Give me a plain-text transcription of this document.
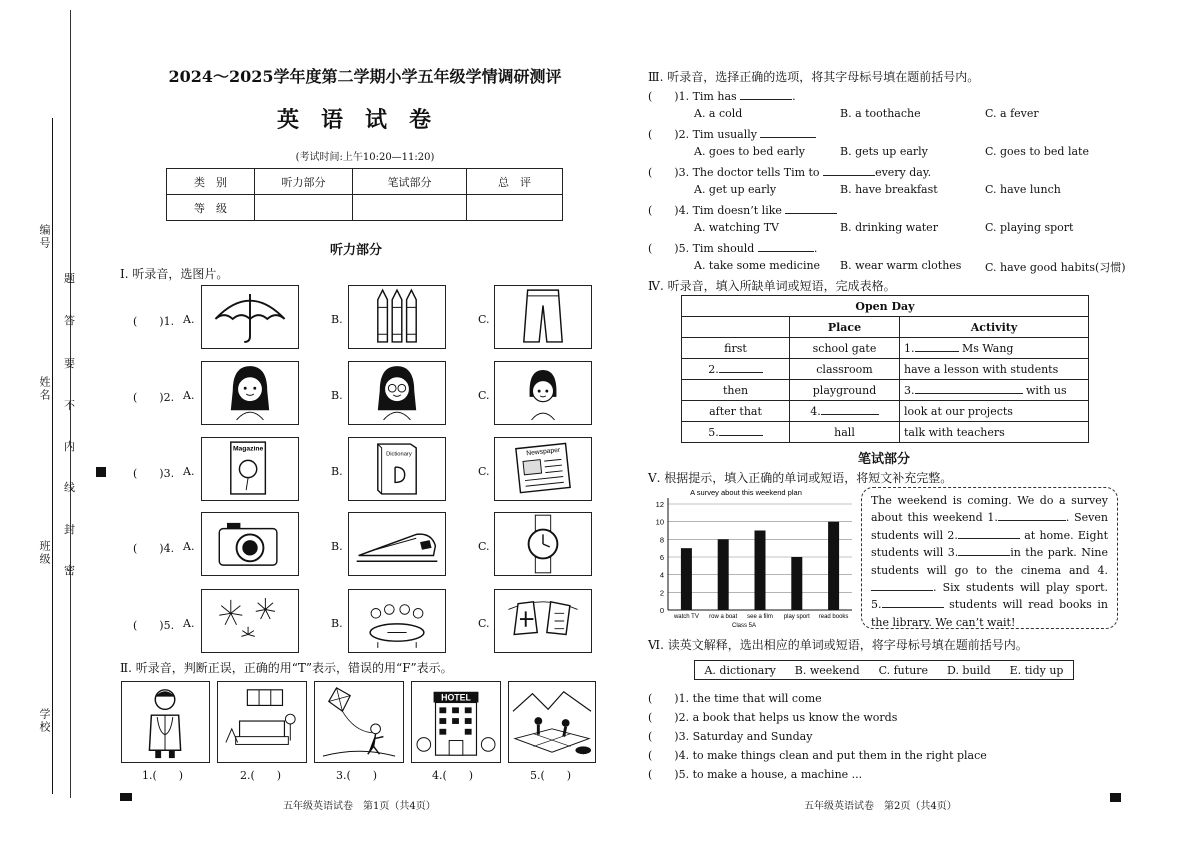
编号
姓名
班级
学校
题
答
要
不
内
线
封
密
2024～2025学年度第二学期小学五年级学情调研测评
英语试卷
(考试时间:上午10:20—11:20)
类　别	听力部分	笔试部分	总　评
等　级			
听力部分
Ⅰ. 听录音，选图片。
(　　)1. A.	B.	C.
(　　)2. A.	B.	C.
(　　)3. A.
Magazine
B.
Dictionary
C.
Newspaper
(　　)4. A.	B.	C.
(　　)5. A.	B.	C.
Ⅱ. 听录音，判断正误，正确的用“T”表示，错误的用“F”表示。
HOTEL
1.(　　)	2.(　　)	3.(　　)	4.(　　)	5.(　　)
五年级英语试卷　第1页（共4页）
Ⅲ. 听录音，选择正确的选项，将其字母标号填在题前括号内。
(　　)1. Tim has	.
A. a cold	B. a toothache	C. a fever
(　　)2. Tim usually
A. goes to bed early	B. gets up early	C. goes to bed late
(　　)3. The doctor tells Tim to	every day.
A. get up early	B. have breakfast	C. have lunch
(　　)4. Tim doesn’t like
A. watching TV	B. drinking water	C. playing sport
(　　)5. Tim should	.
A. take some medicine B. wear warm clothes C. have good habits(习惯)
Ⅳ. 听录音，填入所缺单词或短语，完成表格。
Open Day		
	Place	Activity
first	school gate	1. Ms Wang
2.	classroom	have a lesson with students
then	playground	3. with us
after that	4.	look at our projects
5.	hall	talk with teachers
笔试部分
Ⅴ. 根据提示，填入正确的单词或短语，将短文补充完整。
A survey about this weekend plan
0
2
4
6
8
10
12
watch TV row a boat see a film play sport read books
Class 5A
The weekend is coming. We do a survey about this weekend 1.	. Seven students will 2.	at home. Eight students will 3.	in the park. Nine students will go to the cinema and 4.. Six students will play sport. 5.	students will read books in the library. We can’t wait!
Ⅵ. 读英文解释，选出相应的单词或短语，将字母标号填在题前括号内。
A. dictionary B. weekend C. future D. build E. tidy up
(　　)1. the time that will come
(　　)2. a book that helps us know the words
(　　)3. Saturday and Sunday
(　　)4. to make things clean and put them in the right place
(　　)5. to make a house, a machine ...
五年级英语试卷　第2页（共4页）
